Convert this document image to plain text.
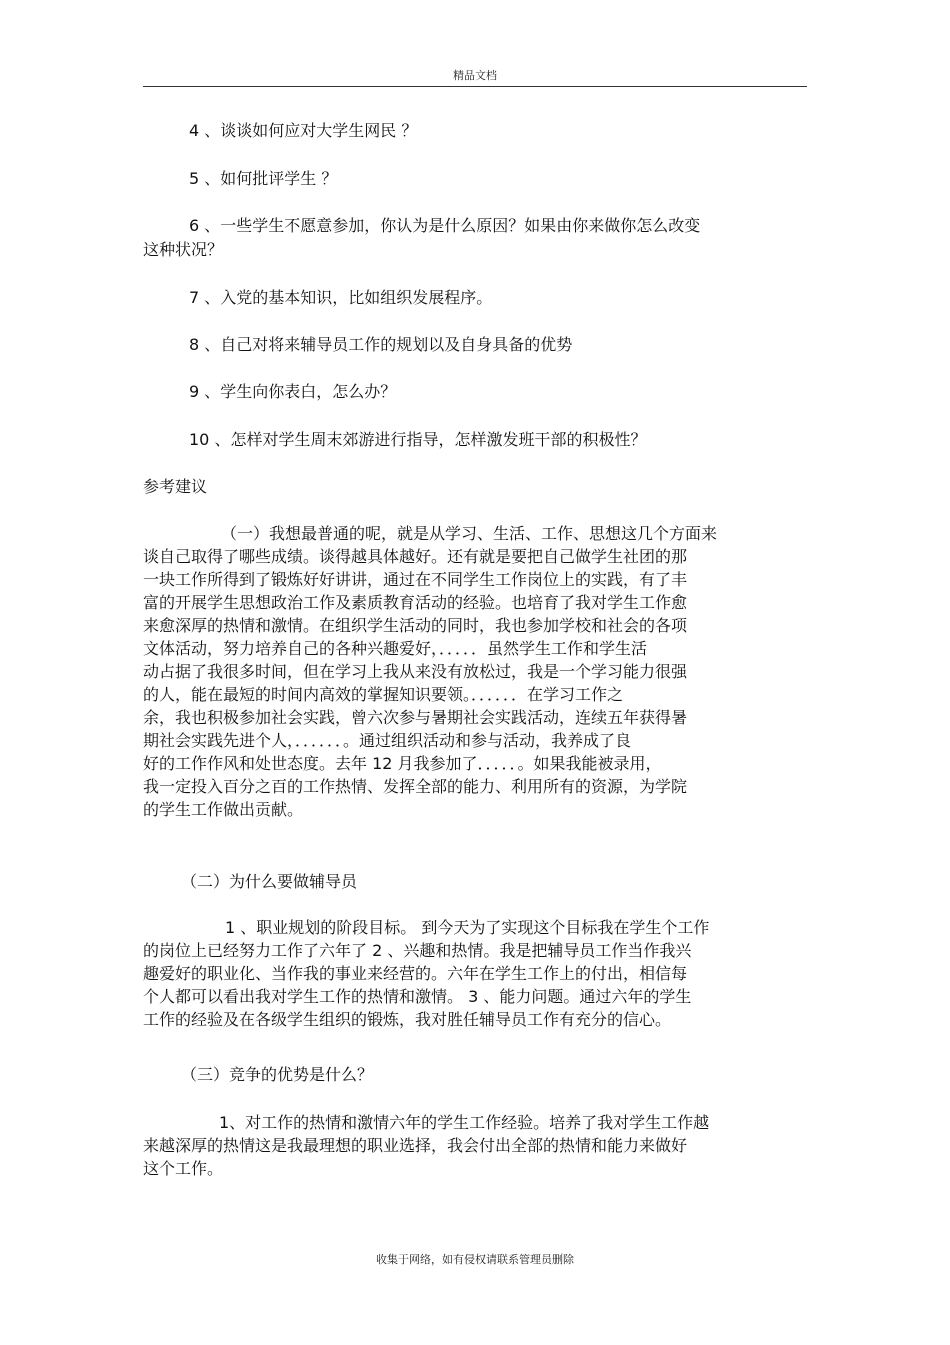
精品文档

4 、谈谈如何应对大学生网民 ？

5 、如何批评学生 ？

6 、一些学生不愿意参加，你认为是什么原因？如果由你来做你怎么改变

这种状况？

7 、入党的基本知识，比如组织发展程序。

8 、自己对将来辅导员工作的规划以及自身具备的优势

9 、学生向你表白，怎么办？

10 、怎样对学生周末郊游进行指导，怎样激发班干部的积极性？

参考建议

（一）我想最普通的呢，就是从学习、生活、工作、思想这几个方面来
谈自己取得了哪些成绩。谈得越具体越好。还有就是要把自己做学生社团的那
一块工作所得到了锻炼好好讲讲，通过在不同学生工作岗位上的实践，有了丰
富的开展学生思想政治工作及素质教育活动的经验。也培育了我对学生工作愈
来愈深厚的热情和激情。在组织学生活动的同时，我也参加学校和社会的各项
文体活动，努力培养自己的各种兴趣爱好，．．．．．虽然学生工作和学生活
动占据了我很多时间，但在学习上我从来没有放松过，我是一个学习能力很强
的人，能在最短的时间内高效的掌握知识要领。．．．．．．在学习工作之
余，我也积极参加社会实践，曾六次参与暑期社会实践活动，连续五年获得暑
期社会实践先进个人，．．．．．．。通过组织活动和参与活动，我养成了良
好的工作作风和处世态度。去年 12 月我参加了．．．．．。如果我能被录用，
我一定投入百分之百的工作热情、发挥全部的能力、利用所有的资源，为学院
的学生工作做出贡献。

（二）为什么要做辅导员

1 、职业规划的阶段目标。 到今天为了实现这个目标我在学生个工作
的岗位上已经努力工作了六年了 2 、兴趣和热情。我是把辅导员工作当作我兴
趣爱好的职业化、当作我的事业来经营的。六年在学生工作上的付出，相信每
个人都可以看出我对学生工作的热情和激情。 3 、能力问题。通过六年的学生
工作的经验及在各级学生组织的锻炼，我对胜任辅导员工作有充分的信心。

（三）竞争的优势是什么？

1、对工作的热情和激情六年的学生工作经验。培养了我对学生工作越
来越深厚的热情这是我最理想的职业选择，我会付出全部的热情和能力来做好
这个工作。
收集于网络，如有侵权请联系管理员删除
